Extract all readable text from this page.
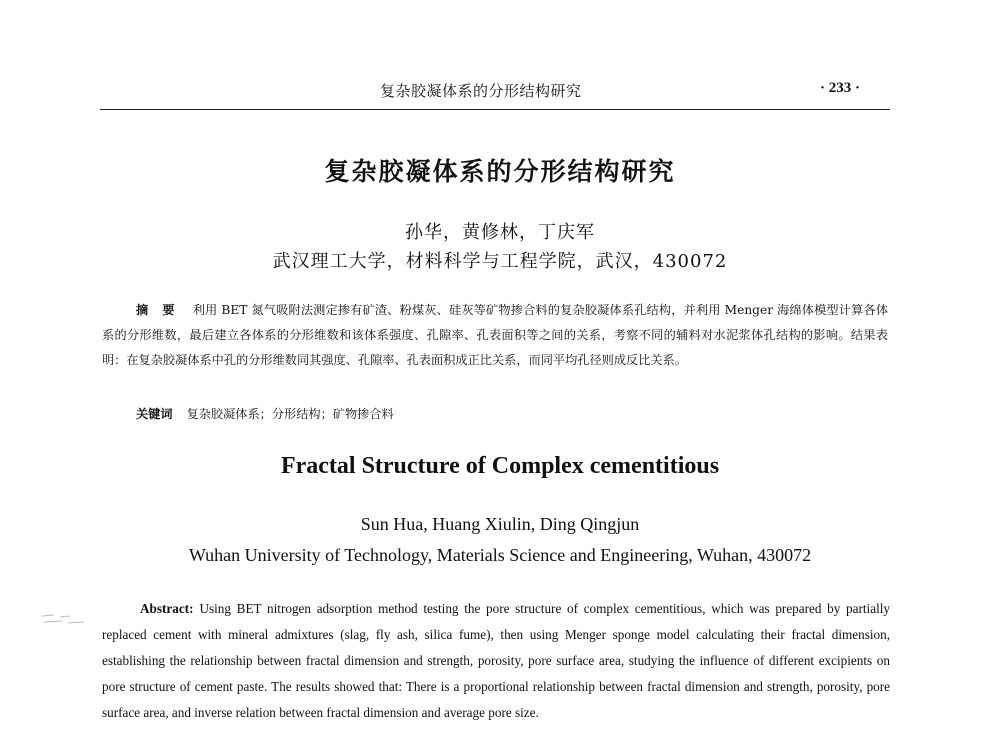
复杂胶凝体系的分形结构研究	· 233 ·
复杂胶凝体系的分形结构研究
孙华，黄修林，丁庆军
武汉理工大学，材料科学与工程学院，武汉，430072
摘要 利用 BET 氮气吸附法测定掺有矿渣、粉煤灰、硅灰等矿物掺合料的复杂胶凝体系孔结构，并利用 Menger 海绵体模型计算各体系的分形维数，最后建立各体系的分形维数和该体系强度、孔隙率、孔表面积等之间的关系，考察不同的辅料对水泥浆体孔结构的影响。结果表明：在复杂胶凝体系中孔的分形维数同其强度、孔隙率、孔表面积成正比关系，而同平均孔径则成反比关系。
关键词 复杂胶凝体系；分形结构；矿物掺合料
Fractal Structure of Complex cementitious
Sun Hua, Huang Xiulin, Ding Qingjun
Wuhan University of Technology, Materials Science and Engineering, Wuhan, 430072
Abstract: Using BET nitrogen adsorption method testing the pore structure of complex cementitious, which was prepared by partially replaced cement with mineral admixtures (slag, fly ash, silica fume), then using Menger sponge model calculating their fractal dimension, establishing the relationship between fractal dimension and strength, porosity, pore surface area, studying the influence of different excipients on pore structure of cement paste. The results showed that: There is a proportional relationship between fractal dimension and strength, porosity, pore surface area, and inverse relation between fractal dimension and average pore size.
